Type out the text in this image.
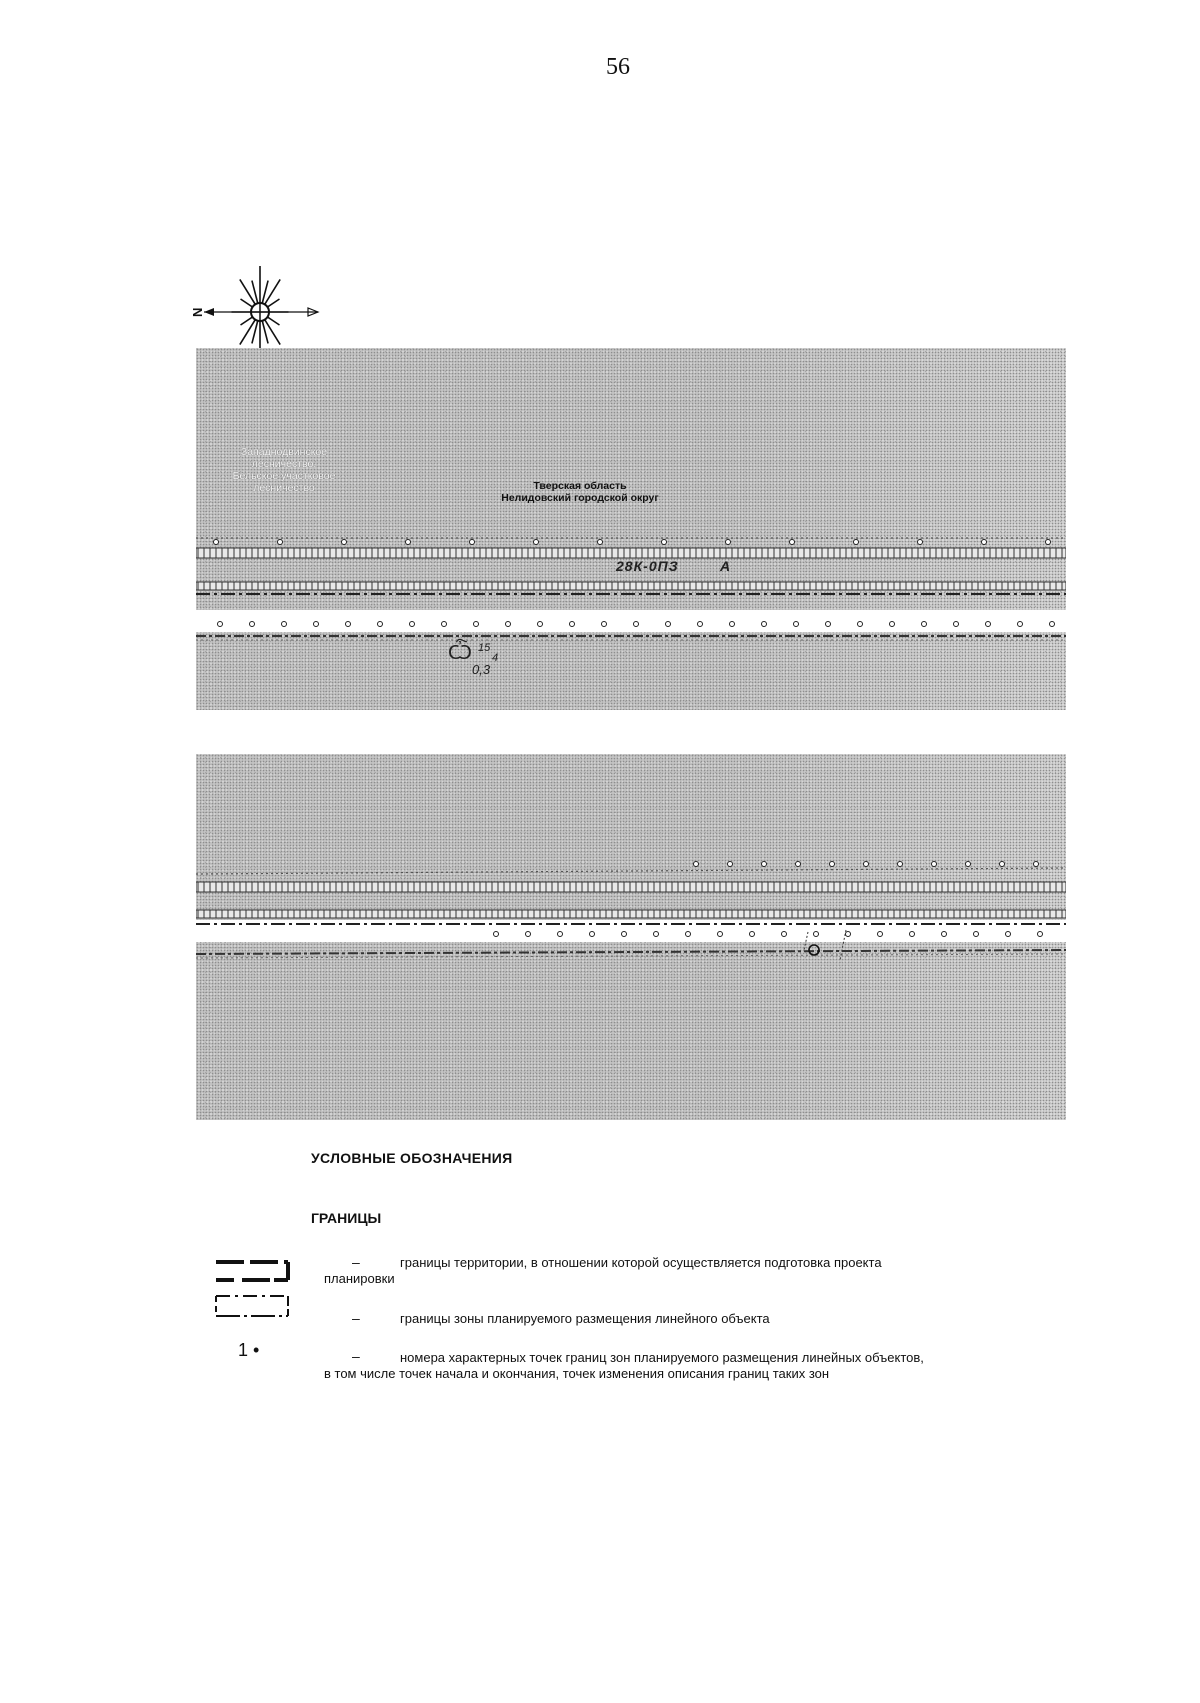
56
N
Западнодвинское
лесничество,
Бельское участковое
лесничество	Тверская область
Нелидовский городской округ
28К-0ПЗ	А
Ѽ 15
4
0,3
УСЛОВНЫЕ ОБОЗНАЧЕНИЯ
ГРАНИЦЫ
–	границы территории, в отношении которой осуществляется подготовка проекта
планировки
–	границы зоны планируемого размещения линейного объекта
1 •	–	номера характерных точек границ зон планируемого размещения линейных объектов,
в том числе точек начала и окончания, точек изменения описания границ таких зон
